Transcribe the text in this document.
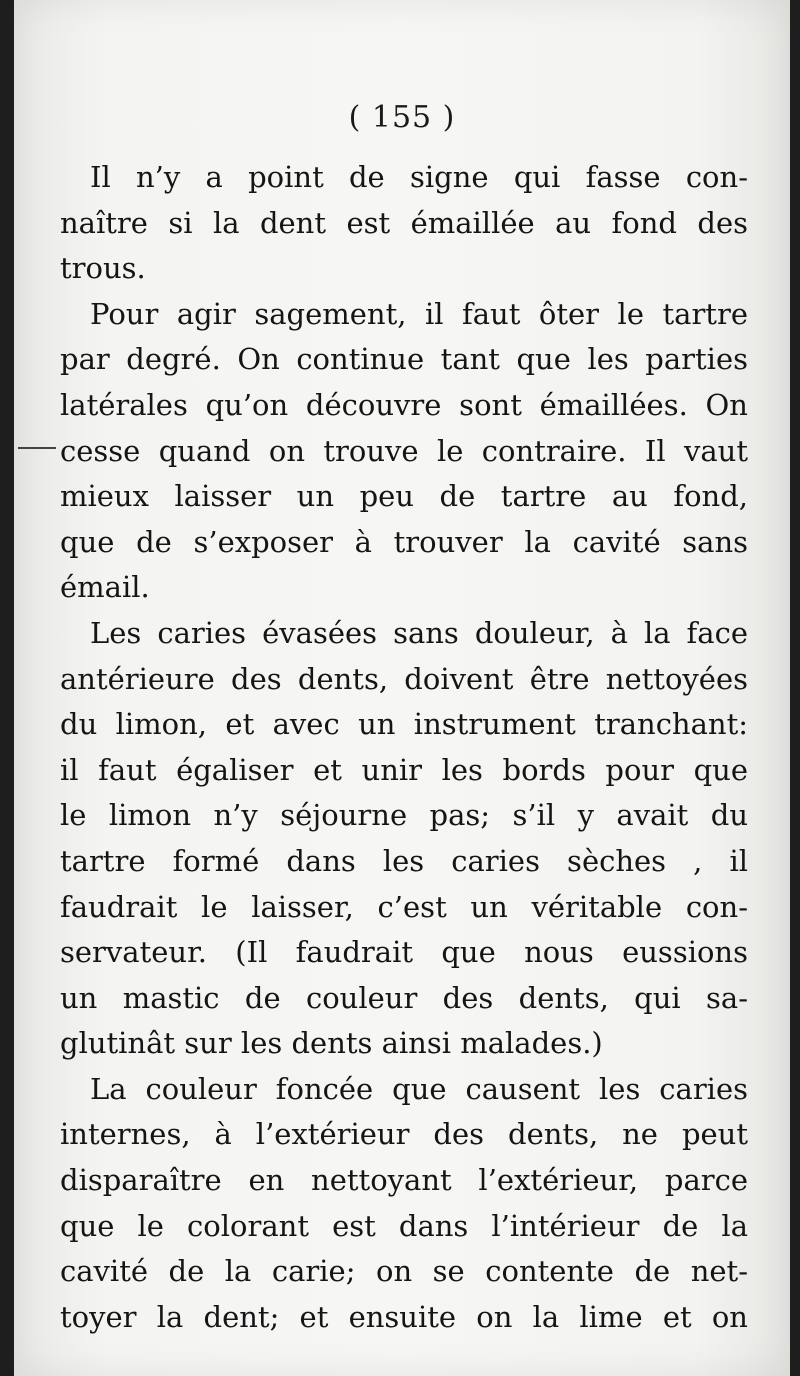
( 155 )
Il n’y a point de signe qui fasse con-
naître si la dent est émaillée au fond des
trous.
Pour agir sagement, il faut ôter le tartre
par degré. On continue tant que les parties
latérales qu’on découvre sont émaillées. On
cesse quand on trouve le contraire. Il vaut
mieux laisser un peu de tartre au fond,
que de s’exposer à trouver la cavité sans
émail.
Les caries évasées sans douleur, à la face
antérieure des dents, doivent être nettoyées
du limon, et avec un instrument tranchant:
il faut égaliser et unir les bords pour que
le limon n’y séjourne pas; s’il y avait du
tartre formé dans les caries sèches , il
faudrait le laisser, c’est un véritable con-
servateur. (Il faudrait que nous eussions
un mastic de couleur des dents, qui sa-
glutinât sur les dents ainsi malades.)
La couleur foncée que causent les caries
internes, à l’extérieur des dents, ne peut
disparaître en nettoyant l’extérieur, parce
que le colorant est dans l’intérieur de la
cavité de la carie; on se contente de net-
toyer la dent; et ensuite on la lime et on
